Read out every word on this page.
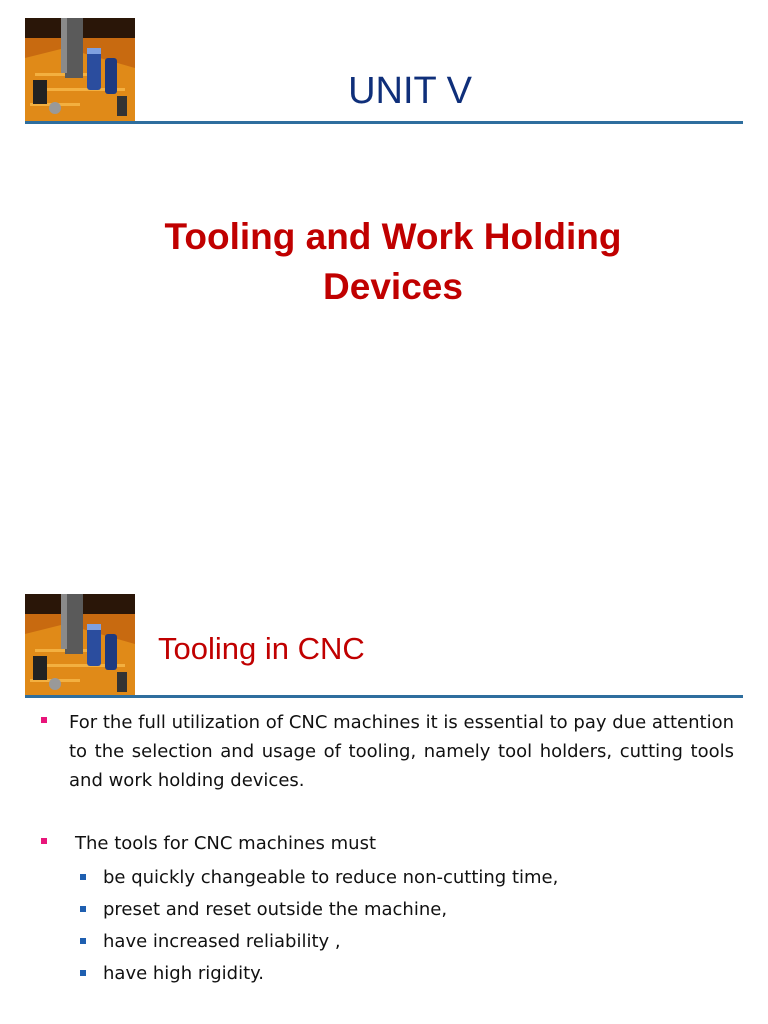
UNIT V
Tooling and Work Holding
Devices
Tooling in CNC

For the full utilization of CNC machines it is essential to pay due attention to the selection and usage of tooling, namely tool holders, cutting tools and work holding devices.

The tools for CNC machines must

be quickly changeable to reduce non-cutting time,
preset and reset outside the machine,
have increased reliability ,
have high rigidity.
